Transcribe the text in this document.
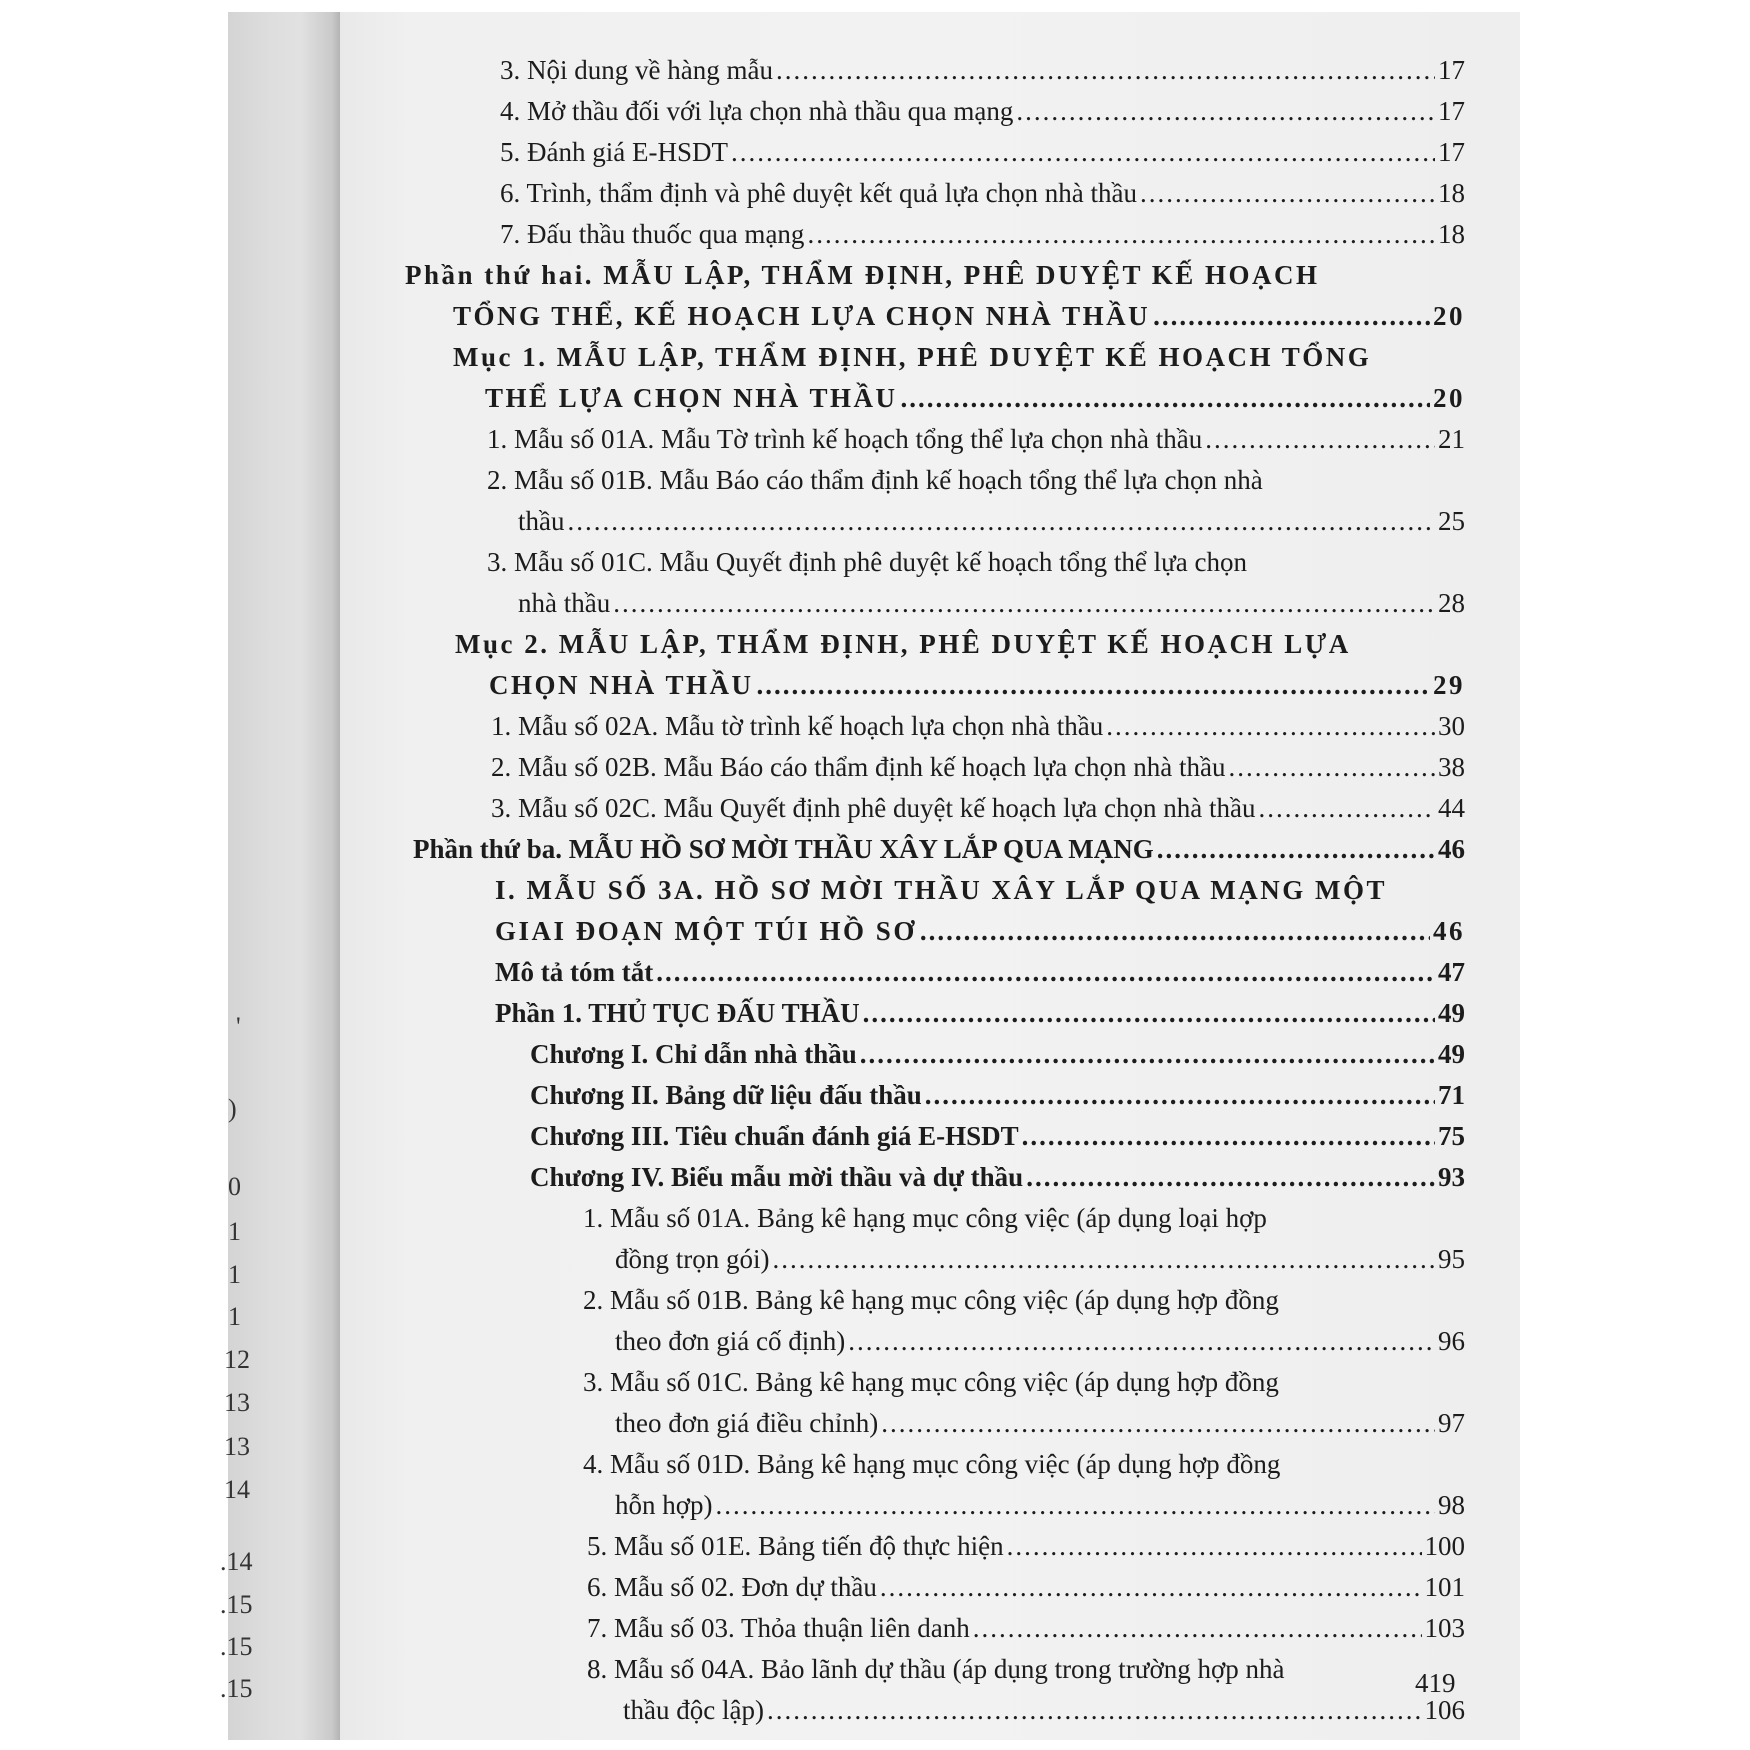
'
)
0
1
1
1
12
13
13
14
.14
.15
.15
.15
3. Nội dung về hàng mẫu .....	17
4. Mở thầu đối với lựa chọn nhà thầu qua mạng .....	17
5. Đánh giá E-HSDT .....	17
6. Trình, thẩm định và phê duyệt kết quả lựa chọn nhà thầu .....	18
7. Đấu thầu thuốc qua mạng .....	18
Phần thứ hai. MẪU LẬP, THẨM ĐỊNH, PHÊ DUYỆT KẾ HOẠCH
TỔNG THỂ, KẾ HOẠCH LỰA CHỌN NHÀ THẦU .....	20
Mục 1. MẪU LẬP, THẨM ĐỊNH, PHÊ DUYỆT KẾ HOẠCH TỔNG
THỂ LỰA CHỌN NHÀ THẦU .....	20
1. Mẫu số 01A. Mẫu Tờ trình kế hoạch tổng thể lựa chọn nhà thầu .....	21
2. Mẫu số 01B. Mẫu Báo cáo thẩm định kế hoạch tổng thể lựa chọn nhà
thầu .....	25
3. Mẫu số 01C. Mẫu Quyết định phê duyệt kế hoạch tổng thể lựa chọn
nhà thầu .....	28
Mục 2. MẪU LẬP, THẨM ĐỊNH, PHÊ DUYỆT KẾ HOẠCH LỰA
CHỌN NHÀ THẦU .....	29
1. Mẫu số 02A. Mẫu tờ trình kế hoạch lựa chọn nhà thầu .....	30
2. Mẫu số 02B. Mẫu Báo cáo thẩm định kế hoạch lựa chọn nhà thầu .....	38
3. Mẫu số 02C. Mẫu Quyết định phê duyệt kế hoạch lựa chọn nhà thầu .....	44
Phần thứ ba. MẪU HỒ SƠ MỜI THẦU XÂY LẮP QUA MẠNG .....	46
I. MẪU SỐ 3A. HỒ SƠ MỜI THẦU XÂY LẮP QUA MẠNG MỘT
GIAI ĐOẠN MỘT TÚI HỒ SƠ .....	46
Mô tả tóm tắt .....	47
Phần 1. THỦ TỤC ĐẤU THẦU .....	49
Chương I. Chỉ dẫn nhà thầu .....	49
Chương II. Bảng dữ liệu đấu thầu .....	71
Chương III. Tiêu chuẩn đánh giá E-HSDT .....	75
Chương IV. Biểu mẫu mời thầu và dự thầu .....	93
1. Mẫu số 01A. Bảng kê hạng mục công việc (áp dụng loại hợp
đồng trọn gói) .....	95
2. Mẫu số 01B. Bảng kê hạng mục công việc (áp dụng hợp đồng
theo đơn giá cố định) .....	96
3. Mẫu số 01C. Bảng kê hạng mục công việc (áp dụng hợp đồng
theo đơn giá điều chỉnh) .....	97
4. Mẫu số 01D. Bảng kê hạng mục công việc (áp dụng hợp đồng
hỗn hợp) .....	98
5. Mẫu số 01E. Bảng tiến độ thực hiện .....	100
6. Mẫu số 02. Đơn dự thầu .....	101
7. Mẫu số 03. Thỏa thuận liên danh .....	103
8. Mẫu số 04A. Bảo lãnh dự thầu (áp dụng trong trường hợp nhà
thầu độc lập) .....	106
419
